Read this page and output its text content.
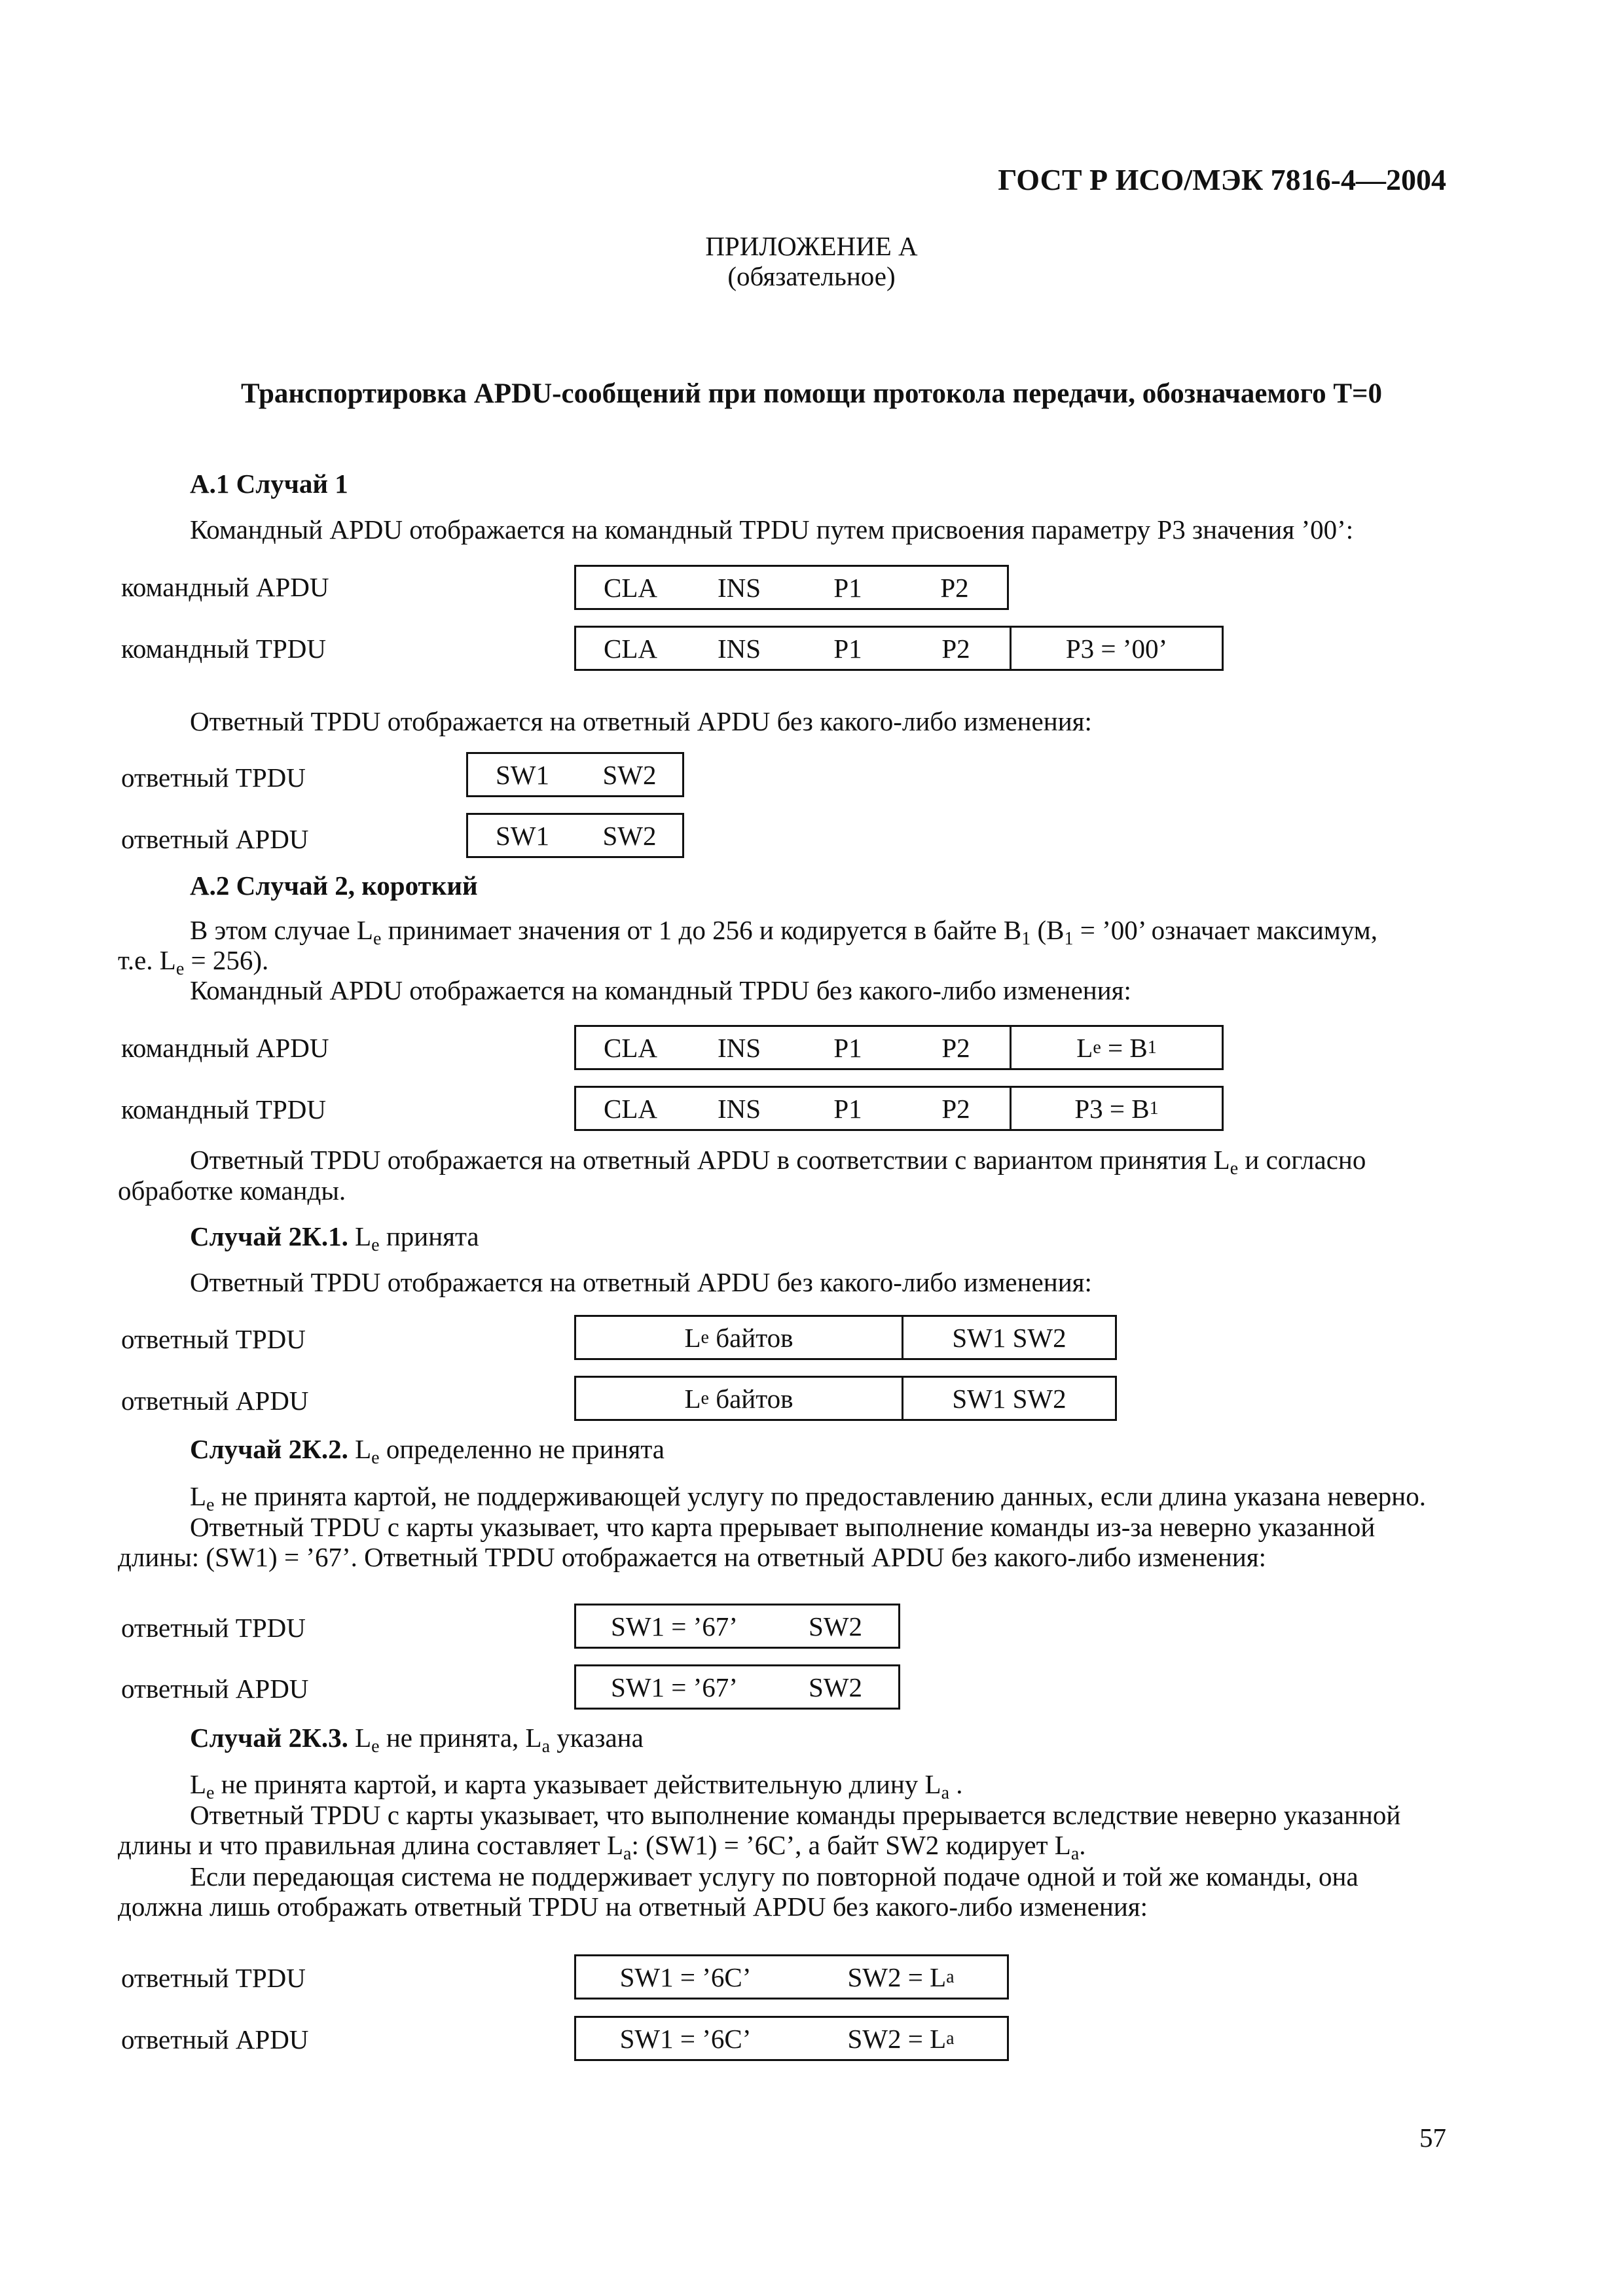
ГОСТ Р ИСО/МЭК 7816-4—2004
ПРИЛОЖЕНИЕ А
(обязательное)
Транспортировка APDU-сообщений при помощи протокола передачи, обозначаемого T=0
А.1 Случай 1
Командный APDU отображается на командный TPDU путем присвоения параметру P3 значения ’00’:
командный APDU	CLA	INS	P1	P2
командный TPDU	CLA	INS	P1	P2	P3 = ’00’
Ответный TPDU отображается на ответный APDU без какого-либо изменения:
ответный TPDU	SW1	SW2
ответный APDU	SW1	SW2
А.2 Случай 2, короткий
В этом случае $L_e$ принимает значения от 1 до 256 и кодируется в байте $B_1$ ($B_1$ = ’00’ означает максимум,
т.е. $L_e = 256$).
Командный APDU отображается на командный TPDU без какого-либо изменения:
командный APDU	CLA	INS	P1	P2	L e = B 1
командный TPDU	CLA	INS	P1	P2	P3 = B 1
Ответный TPDU отображается на ответный APDU в соответствии с вариантом принятия $L_e$ и согласно
обработке команды.
Случай 2К.1. $L_e$ принята
Ответный TPDU отображается на ответный APDU без какого-либо изменения:
ответный TPDU	L e байтов	SW1 SW2
ответный APDU	L e байтов	SW1 SW2
Случай 2К.2. $L_e$ определенно не принята
$L_e$ не принята картой, не поддерживающей услугу по предоставлению данных, если длина указана неверно.
Ответный TPDU с карты указывает, что карта прерывает выполнение команды из-за неверно указанной
длины: (SW1) = ’67’. Ответный TPDU отображается на ответный APDU без какого-либо изменения:
ответный TPDU	SW1 = ’67’	SW2
ответный APDU	SW1 = ’67’	SW2
Случай 2К.3. $L_e$ не принята, $L_a$ указана
$L_e$ не принята картой, и карта указывает действительную длину $L_a$ .
Ответный TPDU с карты указывает, что выполнение команды прерывается вследствие неверно указанной
длины и что правильная длина составляет $L_a$: (SW1) = ’6C’, а байт SW2 кодирует $L_a$.
Если передающая система не поддерживает услугу по повторной подаче одной и той же команды, она
должна лишь отображать ответный TPDU на ответный APDU без какого-либо изменения:
ответный TPDU	SW1 = ’6C’	SW2 = L a
ответный APDU	SW1 = ’6C’	SW2 = L a
57
